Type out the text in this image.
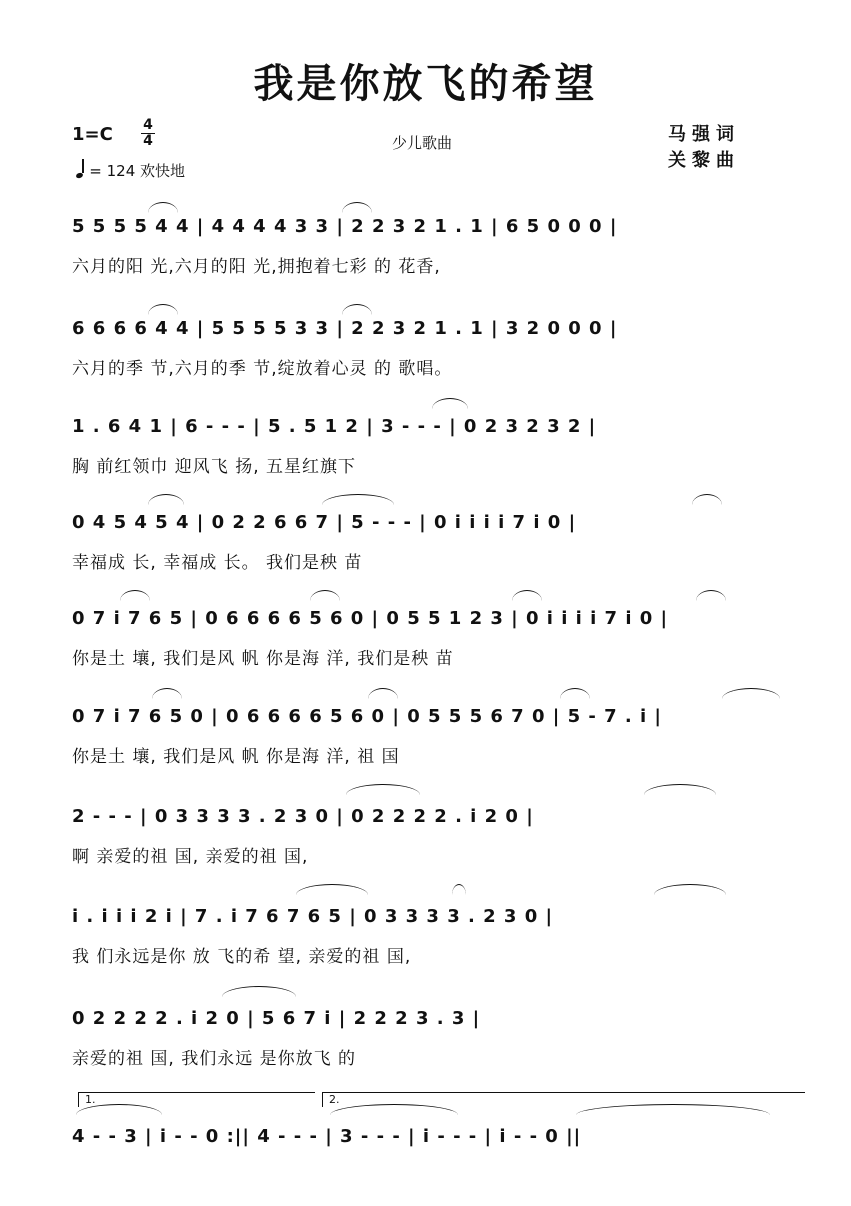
我是你放飞的希望
1=C 4
4
= 124 欢快地
少儿歌曲	马强词
关黎曲
5 5 5 5 4 4 | 4 4 4 4 3 3 | 2 2 3 2 1 . 1 | 6 5 0 0 0 |
六月的阳 光,六月的阳 光,拥抱着七彩 的 花香,
6 6 6 6 4 4 | 5 5 5 5 3 3 | 2 2 3 2 1 . 1 | 3 2 0 0 0 |
六月的季 节,六月的季 节,绽放着心灵 的 歌唱。
1 . 6 4 1 | 6 - - - | 5 . 5 1 2 | 3 - - - | 0 2 3 2 3 2 |
胸 前红领巾 迎风飞 扬, 五星红旗下
0 4 5 4 5 4 | 0 2 2 6 6 7 | 5 - - - | 0 i i i i 7 i 0 |
幸福成 长, 幸福成 长。 我们是秧 苗
0 7 i 7 6 5 | 0 6 6 6 6 5 6 0 | 0 5 5 1 2 3 | 0 i i i i 7 i 0 |
你是土 壤, 我们是风 帆 你是海 洋, 我们是秧 苗
0 7 i 7 6 5 0 | 0 6 6 6 6 5 6 0 | 0 5 5 5 6 7 0 | 5 - 7 . i |
你是土 壤, 我们是风 帆 你是海 洋, 祖 国
2 - - - | 0 3 3 3 3 . 2 3 0 | 0 2 2 2 2 . i 2 0 |
啊 亲爱的祖 国, 亲爱的祖 国,
i . i i i 2 i | 7 . i 7 6 7 6 5 | 0 3 3 3 3 . 2 3 0 |
我 们永远是你 放 飞的希 望, 亲爱的祖 国,
0 2 2 2 2 . i 2 0 | 5 6 7 i | 2 2 2 3 . 3 |
亲爱的祖 国, 我们永远 是你放飞 的
1.	2.
4 - - 3 | i - - 0 :|| 4 - - - | 3 - - - | i - - - | i - - 0 ||
